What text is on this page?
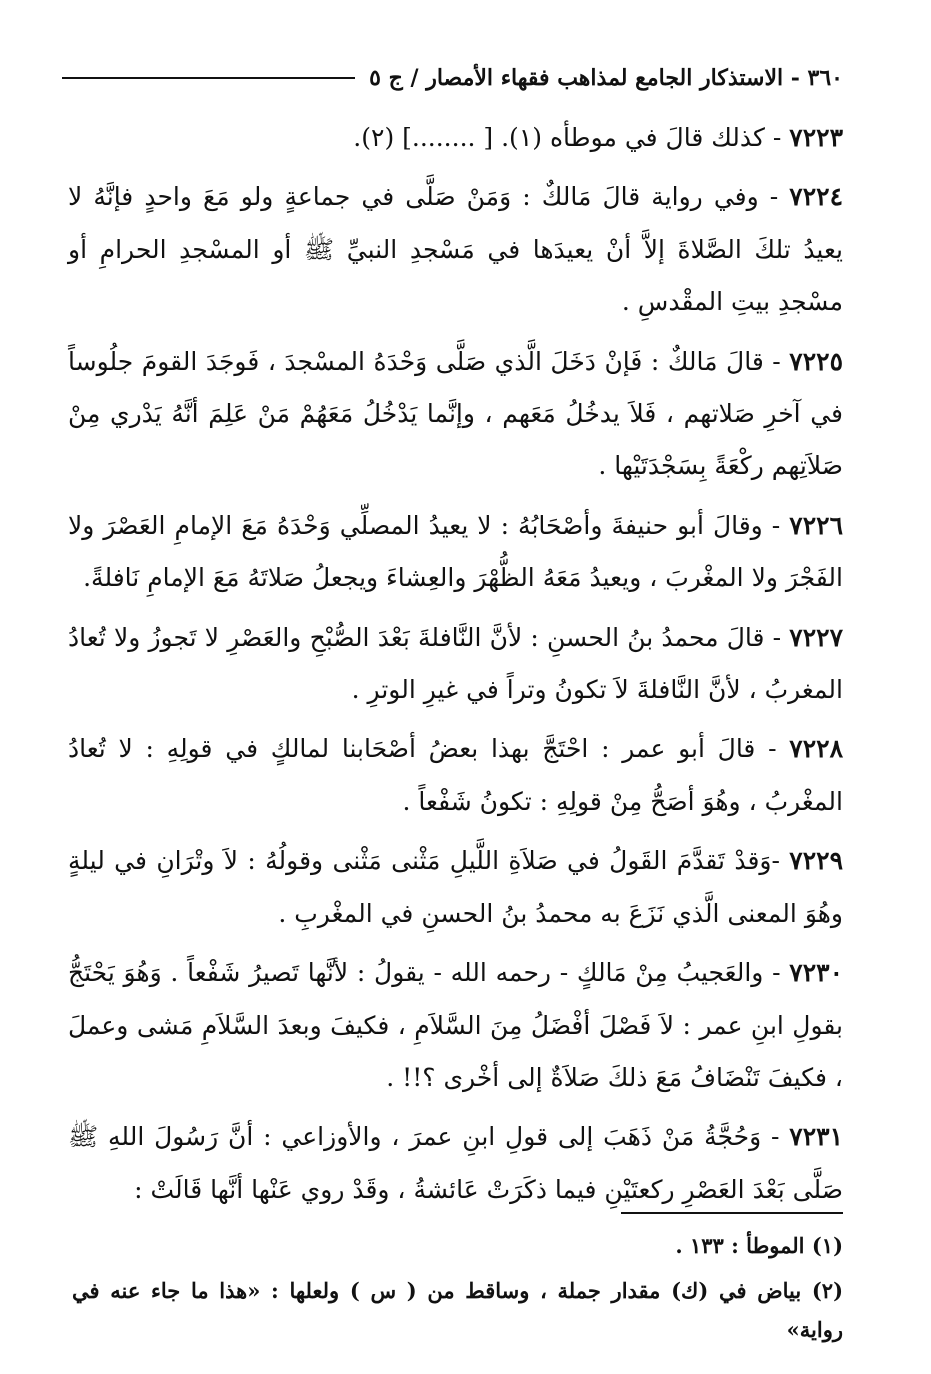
٣٦٠ - الاستذكار الجامع لمذاهب فقهاء الأمصار / ج ٥

٧٢٢٣ - كذلك قالَ في موطأه (١). [ ........] (٢).

٧٢٢٤ - وفي رواية قالَ مَالكٌ : وَمَنْ صَلَّى في جماعةٍ ولو مَعَ واحدٍ فإنَّهُ لا يعيدُ تلكَ الصَّلاةَ إلاَّ أنْ يعيدَها في مَسْجدِ النبيِّ ﷺ أو المسْجدِ الحرامِ أو مسْجدِ بيتِ المقْدسِ .

٧٢٢٥ - قالَ مَالكٌ : فَإنْ دَخَلَ الَّذي صَلَّى وَحْدَهُ المسْجدَ ، فَوجَدَ القومَ جلُوساً في آخرِ صَلاتهم ، فَلاَ يدخُلُ مَعَهم ، وإنَّما يَدْخُلُ مَعَهُمْ مَنْ عَلِمَ أنَّهُ يَدْري مِنْ صَلاَتِهم ركْعَةً بِسَجْدَتَيْها .

٧٢٢٦ - وقالَ أبو حنيفةَ وأصْحَابُهُ : لا يعيدُ المصلِّي وَحْدَهُ مَعَ الإمامِ العَصْرَ ولا الفَجْرَ ولا المغْربَ ، ويعيدُ مَعَهُ الظُّهْرَ والعِشاءَ ويجعلُ صَلاتَهُ مَعَ الإمامِ نَافلةً.

٧٢٢٧ - قالَ محمدُ بنُ الحسنِ : لأنَّ النَّافلةَ بَعْدَ الصُّبْحِ والعَصْرِ لا تَجوزُ ولا تُعادُ المغربُ ، لأنَّ النَّافلةَ لاَ تكونُ وتراً في غيرِ الوترِ .

٧٢٢٨ - قالَ أبو عمر : احْتَجَّ بهذا بعضُ أصْحَابنا لمالكٍ في قولِهِ : لا تُعادُ المغْربُ ، وهُوَ أصَحُّ مِنْ قولِهِ : تكونُ شَفْعاً .

٧٢٢٩ -وَقدْ تَقدَّمَ القَولُ في صَلاَةِ اللَّيلِ مَثْنى مَثْنى وقولُهُ : لاَ وتْرَانِ في ليلةٍ وهُوَ المعنى الَّذي نَزَعَ به محمدُ بنُ الحسنِ في المغْربِ .

٧٢٣٠ - والعَجيبُ مِنْ مَالكٍ - رحمه الله - يقولُ : لأنَّها تَصيرُ شَفْعاً . وَهُوَ يَحْتَجُّ بقولِ ابنِ عمر : لاَ فَصْلَ أفْضَلُ مِنَ السَّلاَمِ ، فكيفَ وبعدَ السَّلاَمِ مَشى وعملَ ، فكيفَ تَنْضَافُ مَعَ ذلكَ صَلاَةٌ إلى أخْرى ؟!! .

٧٢٣١ - وَحُجَّةُ مَنْ ذَهَبَ إلى قولِ ابنِ عمرَ ، والأوزاعي : أنَّ رَسُولَ اللهِ ﷺ صَلَّى بَعْدَ العَصْرِ ركعتَيْنِ فيما ذكَرَتْ عَائشةُ ، وقَدْ روي عَنْها أنَّها قَالَتْ :

(١) الموطأ : ١٣٣ .

(٢) بياض في (ك) مقدار جملة ، وساقط من ( س ) ولعلها : «هذا ما جاء عنه في رواية»
